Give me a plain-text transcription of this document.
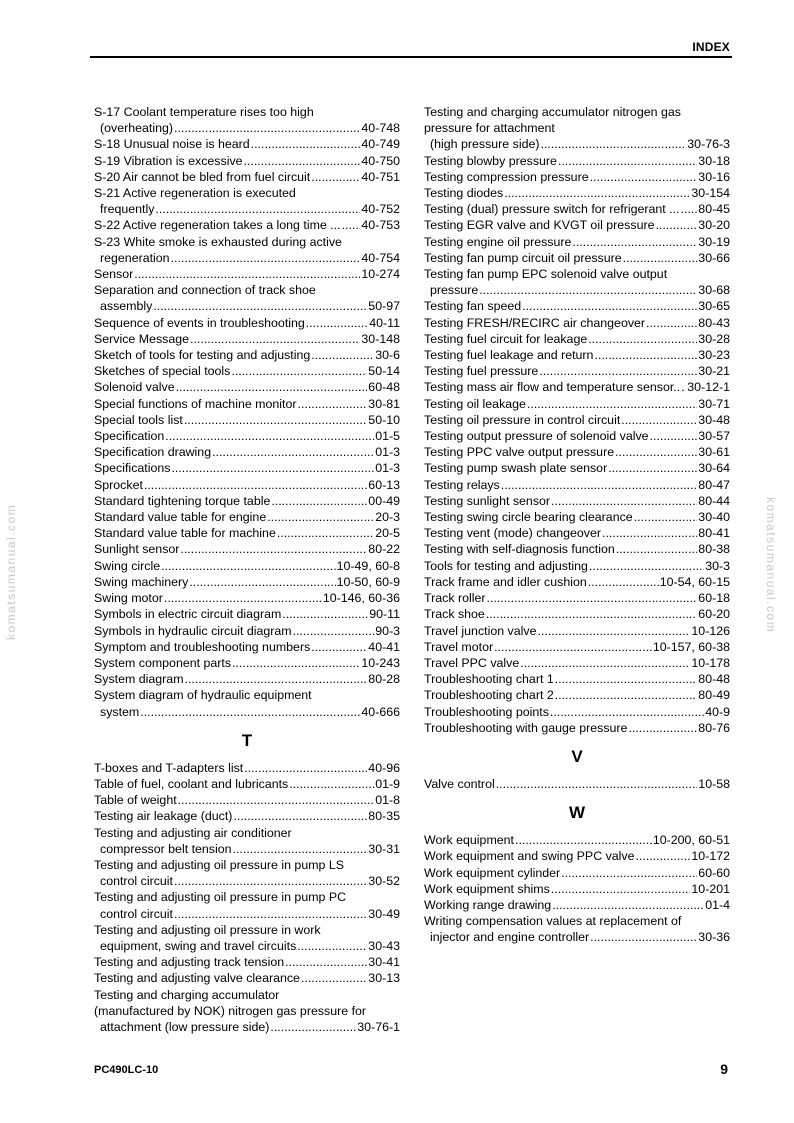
INDEX
komatsumanual.com	komatsumanual.com
S-17 Coolant temperature rises too high
(overheating) .....	40-748
S-18 Unusual noise is heard .....	40-749
S-19 Vibration is excessive .....	40-750
S-20 Air cannot be bled from fuel circuit .....	40-751
S-21 Active regeneration is executed
frequently .....	40-752
S-22 Active regeneration takes a long time ... ..... 40-753
S-23 White smoke is exhausted during active
regeneration .....	40-754
Sensor .....	10-274
Separation and connection of track shoe
assembly .....	50-97
Sequence of events in troubleshooting .....	40-11
Service Message .....	30-148
Sketch of tools for testing and adjusting .....	30-6
Sketches of special tools .....	50-14
Solenoid valve .....	60-48
Special functions of machine monitor .....	30-81
Special tools list .....	50-10
Specification .....	01-5
Specification drawing .....	01-3
Specifications .....	01-3
Sprocket .....	60-13
Standard tightening torque table .....	00-49
Standard value table for engine .....	20-3
Standard value table for machine .....	20-5
Sunlight sensor .....	80-22
Swing circle .....	10-49, 60-8
Swing machinery .....	10-50, 60-9
Swing motor .....	10-146, 60-36
Symbols in electric circuit diagram .....	90-11
Symbols in hydraulic circuit diagram .....	90-3
Symptom and troubleshooting numbers .....	40-41
System component parts .....	10-243
System diagram .....	80-28
System diagram of hydraulic equipment
system .....	40-666
T
T-boxes and T-adapters list .....	40-96
Table of fuel, coolant and lubricants .....	01-9
Table of weight .....	01-8
Testing air leakage (duct) .....	80-35
Testing and adjusting air conditioner
compressor belt tension .....	30-31
Testing and adjusting oil pressure in pump LS
control circuit .....	30-52
Testing and adjusting oil pressure in pump PC
control circuit .....	30-49
Testing and adjusting oil pressure in work
equipment, swing and travel circuits .....	30-43
Testing and adjusting track tension .....	30-41
Testing and adjusting valve clearance .....	30-13
Testing and charging accumulator
(manufactured by NOK) nitrogen gas pressure for
attachment (low pressure side) .....	30-76-1
Testing and charging accumulator nitrogen gas
pressure for attachment
(high pressure side) .....	30-76-3
Testing blowby pressure .....	30-18
Testing compression pressure .....	30-16
Testing diodes .....	30-154
Testing (dual) pressure switch for refrigerant ... ..... 80-45
Testing EGR valve and KVGT oil pressure .....	30-20
Testing engine oil pressure .....	30-19
Testing fan pump circuit oil pressure .....	30-66
Testing fan pump EPC solenoid valve output
pressure .....	30-68
Testing fan speed .....	30-65
Testing FRESH/RECIRC air changeover .....	80-43
Testing fuel circuit for leakage .....	30-28
Testing fuel leakage and return .....	30-23
Testing fuel pressure .....	30-21
Testing mass air flow and temperature sensor.. ..... 30-12-1
Testing oil leakage .....	30-71
Testing oil pressure in control circuit .....	30-48
Testing output pressure of solenoid valve .....	30-57
Testing PPC valve output pressure .....	30-61
Testing pump swash plate sensor .....	30-64
Testing relays .....	80-47
Testing sunlight sensor .....	80-44
Testing swing circle bearing clearance .....	30-40
Testing vent (mode) changeover .....	80-41
Testing with self-diagnosis function .....	80-38
Tools for testing and adjusting .....	30-3
Track frame and idler cushion .....	10-54, 60-15
Track roller .....	60-18
Track shoe .....	60-20
Travel junction valve .....	10-126
Travel motor .....	10-157, 60-38
Travel PPC valve .....	10-178
Troubleshooting chart 1 .....	80-48
Troubleshooting chart 2 .....	80-49
Troubleshooting points .....	40-9
Troubleshooting with gauge pressure .....	80-76
V
Valve control .....	10-58
W
Work equipment .....	10-200, 60-51
Work equipment and swing PPC valve .....	10-172
Work equipment cylinder .....	60-60
Work equipment shims .....	10-201
Working range drawing .....	01-4
Writing compensation values at replacement of
injector and engine controller .....	30-36
PC490LC-10	9
